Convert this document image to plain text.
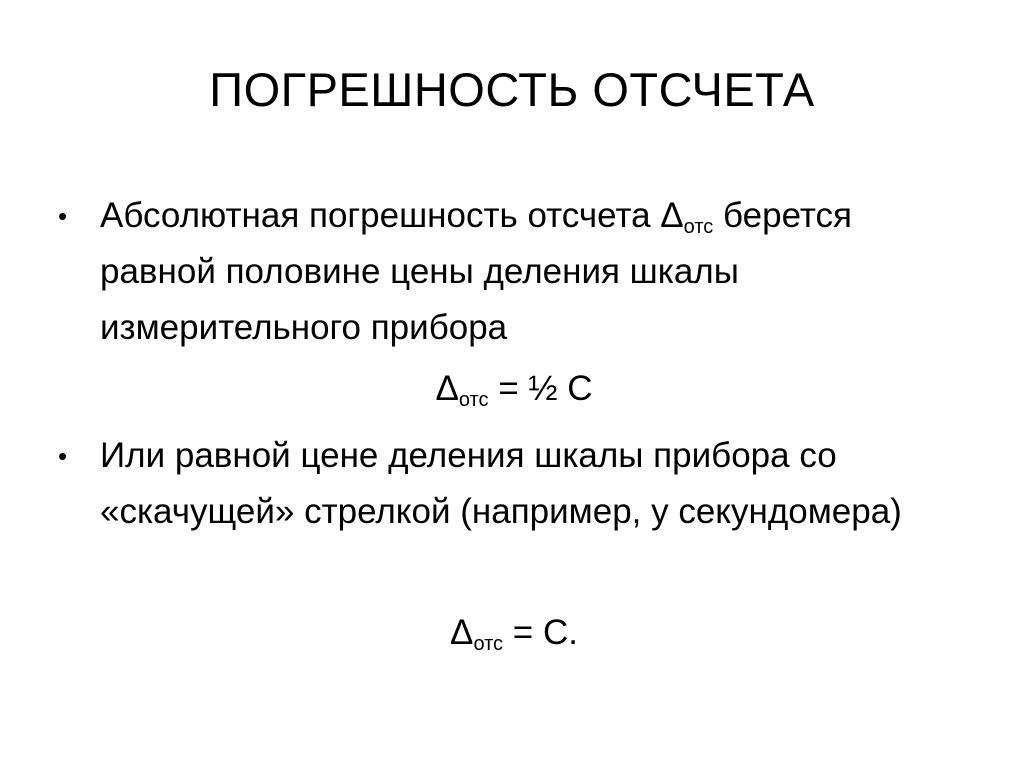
ПОГРЕШНОСТЬ ОТСЧЕТА
• Абсолютная погрешность отсчета $\Delta_{отс}$ берется равной половине цены деления шкалы измерительного прибора
$\Delta_{отс}$ = ½ С
• Или равной цене деления шкалы прибора со «скачущей» стрелкой (например, у секундомера)
$\Delta_{отс} = С$.
